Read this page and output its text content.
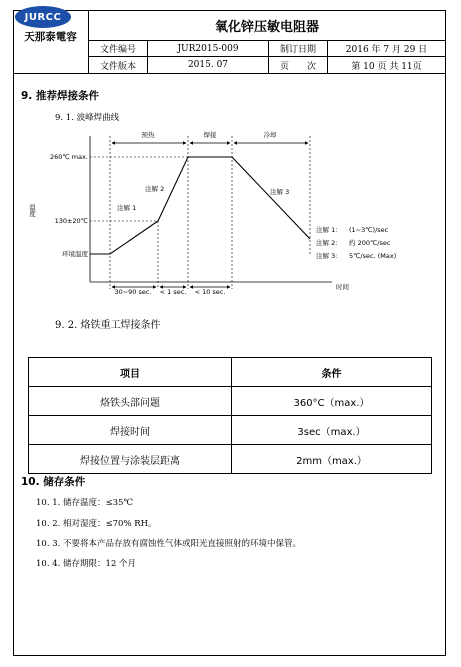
JURCC
天那泰電容
氧化锌压敏电阻器
文件编号	JUR2015-009	制订日期	2016 年 7 月 29 日
文件版本	2015. 07	页　　次	第 10 页 共 11页
9. 推荐焊接条件
9. 1. 波峰焊曲线
260℃ max.
130±20℃
环境温度
注解 1
注解 2	注解 3
30~90 sec. < 1 sec. < 10 sec.
注解 1： (1~3℃)/sec
注解 2： 约 200℃/sec
注解 3： 5℃/sec. (Max)
预热	焊接	冷却
时间
温度
9. 2. 烙铁重工焊接条件
项目	条件
烙铁头部问题	360°C（max.）
焊接时间	3sec（max.）
焊接位置与涂装层距离	2mm（max.）
10. 储存条件
10. 1. 储存温度：≤35℃
10. 2. 相对湿度：≤70% RH。
10. 3. 不要将本产品存放有腐蚀性气体或阳光直接照射的环境中保管。
10. 4. 储存期限：12 个月
